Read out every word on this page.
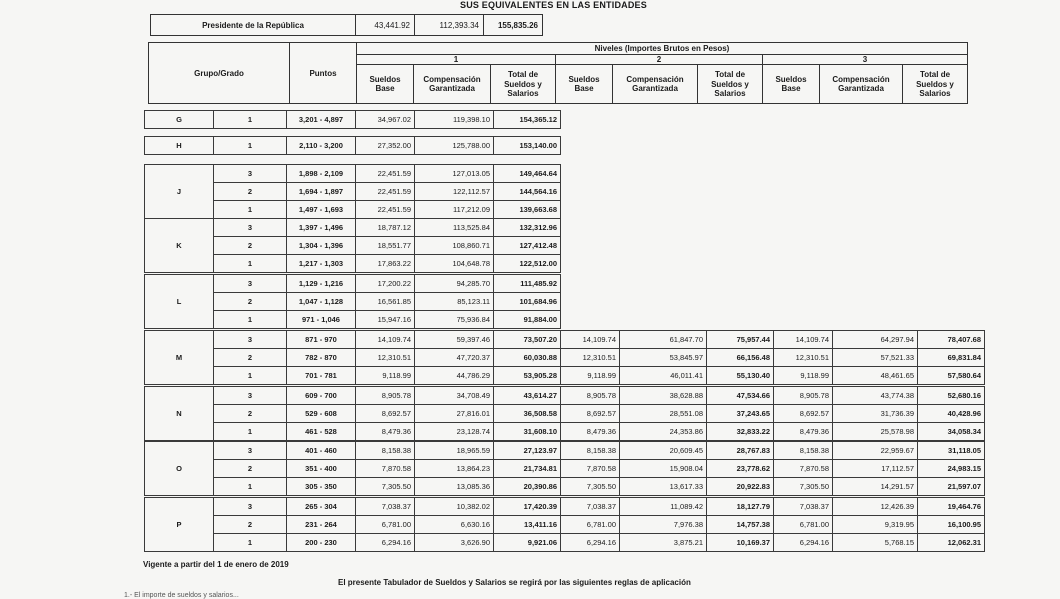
SUS EQUIVALENTES EN LAS ENTIDADES
Presidente de la República	43,441.92	112,393.34	155,835.26
Grupo/Grado	Puntos	Niveles (Importes Brutos en Pesos)								
		1			2			3		
		Sueldos Base	Compensación Garantizada	Total de Sueldos y Salarios	Sueldos Base	Compensación Garantizada	Total de Sueldos y Salarios	Sueldos Base	Compensación Garantizada	Total de Sueldos y Salarios
G	1	3,201 - 4,897	34,967.02	119,398.10	154,365.12
H	1	2,110 - 3,200	27,352.00	125,788.00	153,140.00
J	3	1,898 - 2,109	22,451.59	127,013.05	149,464.64
	2	1,694 - 1,897	22,451.59	122,112.57	144,564.16
	1	1,497 - 1,693	22,451.59	117,212.09	139,663.68
K	3	1,397 - 1,496	18,787.12	113,525.84	132,312.96
	2	1,304 - 1,396	18,551.77	108,860.71	127,412.48
	1	1,217 - 1,303	17,863.22	104,648.78	122,512.00
L	3	1,129 - 1,216	17,200.22	94,285.70	111,485.92
	2	1,047 - 1,128	16,561.85	85,123.11	101,684.96
	1	971 - 1,046	15,947.16	75,936.84	91,884.00
M	3	871 - 970	14,109.74	59,397.46	73,507.20	14,109.74	61,847.70	75,957.44	14,109.74	64,297.94	78,407.68
	2	782 - 870	12,310.51	47,720.37	60,030.88	12,310.51	53,845.97	66,156.48	12,310.51	57,521.33	69,831.84
	1	701 - 781	9,118.99	44,786.29	53,905.28	9,118.99	46,011.41	55,130.40	9,118.99	48,461.65	57,580.64
N	3	609 - 700	8,905.78	34,708.49	43,614.27	8,905.78	38,628.88	47,534.66	8,905.78	43,774.38	52,680.16
	2	529 - 608	8,692.57	27,816.01	36,508.58	8,692.57	28,551.08	37,243.65	8,692.57	31,736.39	40,428.96
	1	461 - 528	8,479.36	23,128.74	31,608.10	8,479.36	24,353.86	32,833.22	8,479.36	25,578.98	34,058.34
O	3	401 - 460	8,158.38	18,965.59	27,123.97	8,158.38	20,609.45	28,767.83	8,158.38	22,959.67	31,118.05
	2	351 - 400	7,870.58	13,864.23	21,734.81	7,870.58	15,908.04	23,778.62	7,870.58	17,112.57	24,983.15
	1	305 - 350	7,305.50	13,085.36	20,390.86	7,305.50	13,617.33	20,922.83	7,305.50	14,291.57	21,597.07
P	3	265 - 304	7,038.37	10,382.02	17,420.39	7,038.37	11,089.42	18,127.79	7,038.37	12,426.39	19,464.76
	2	231 - 264	6,781.00	6,630.16	13,411.16	6,781.00	7,976.38	14,757.38	6,781.00	9,319.95	16,100.95
	1	200 - 230	6,294.16	3,626.90	9,921.06	6,294.16	3,875.21	10,169.37	6,294.16	5,768.15	12,062.31
Vigente a partir del 1 de enero de 2019
El presente Tabulador de Sueldos y Salarios se regirá por las siguientes reglas de aplicación
1.- El importe de sueldos y salarios...
